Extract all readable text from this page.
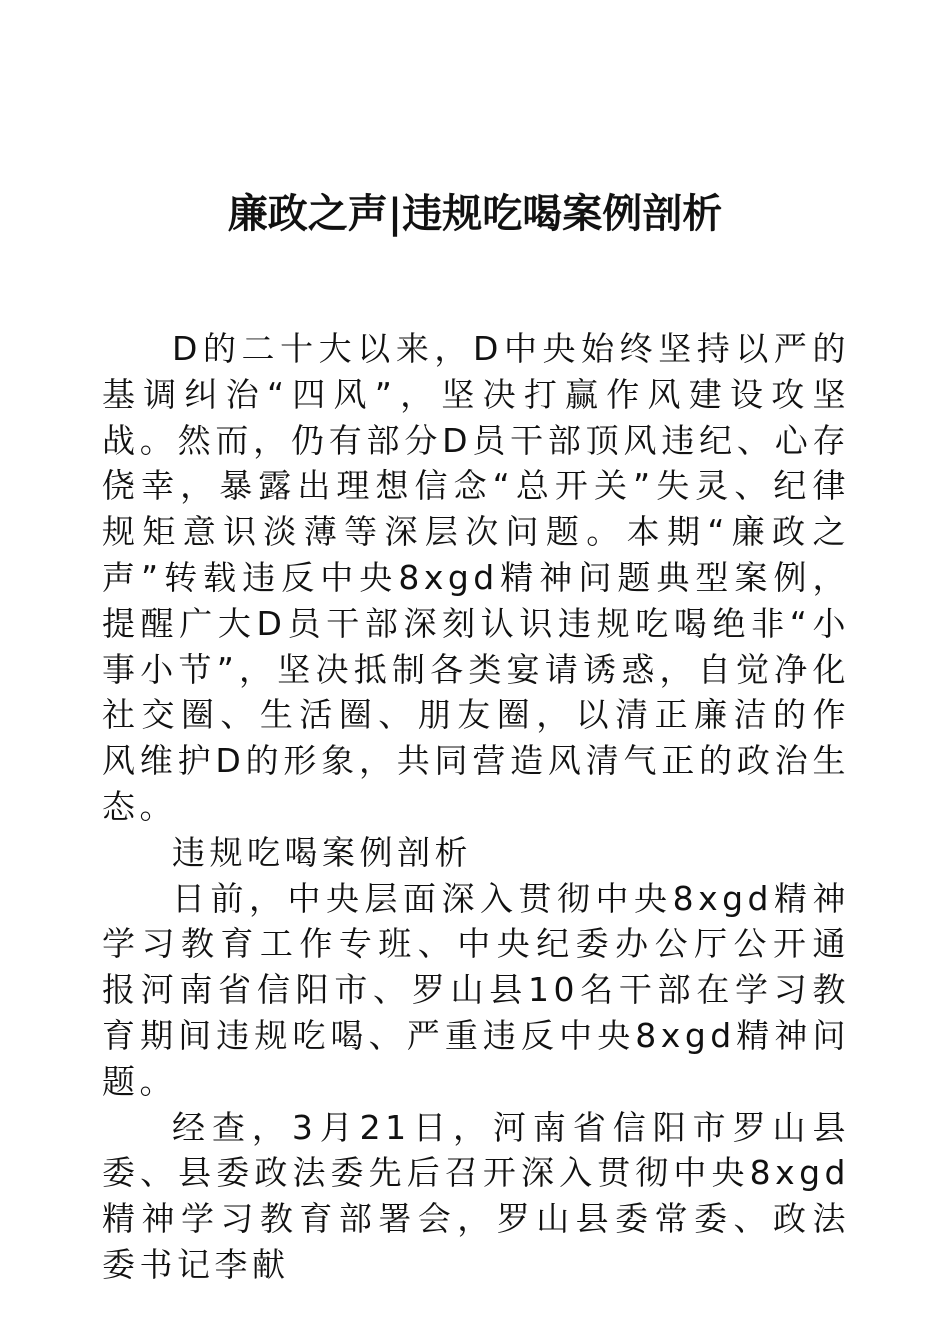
廉政之声|违规吃喝案例剖析

D的二十大以来，D中央始终坚持以严的基调纠治“四风”，坚决打赢作风建设攻坚战。然而，仍有部分D员干部顶风违纪、心存侥幸，暴露出理想信念“总开关”失灵、纪律规矩意识淡薄等深层次问题。本期“廉政之声”转载违反中央8xgd精神问题典型案例，提醒广大D员干部深刻认识违规吃喝绝非“小事小节”，坚决抵制各类宴请诱惑，自觉净化社交圈、生活圈、朋友圈，以清正廉洁的作风维护D的形象，共同营造风清气正的政治生态。

违规吃喝案例剖析

日前，中央层面深入贯彻中央8xgd精神学习教育工作专班、中央纪委办公厅公开通报河南省信阳市、罗山县10名干部在学习教育期间违规吃喝、严重违反中央8xgd精神问题。

经查，3月21日，河南省信阳市罗山县委、县委政法委先后召开深入贯彻中央8xgd精神学习教育部署会，罗山县委常委、政法委书记李献
